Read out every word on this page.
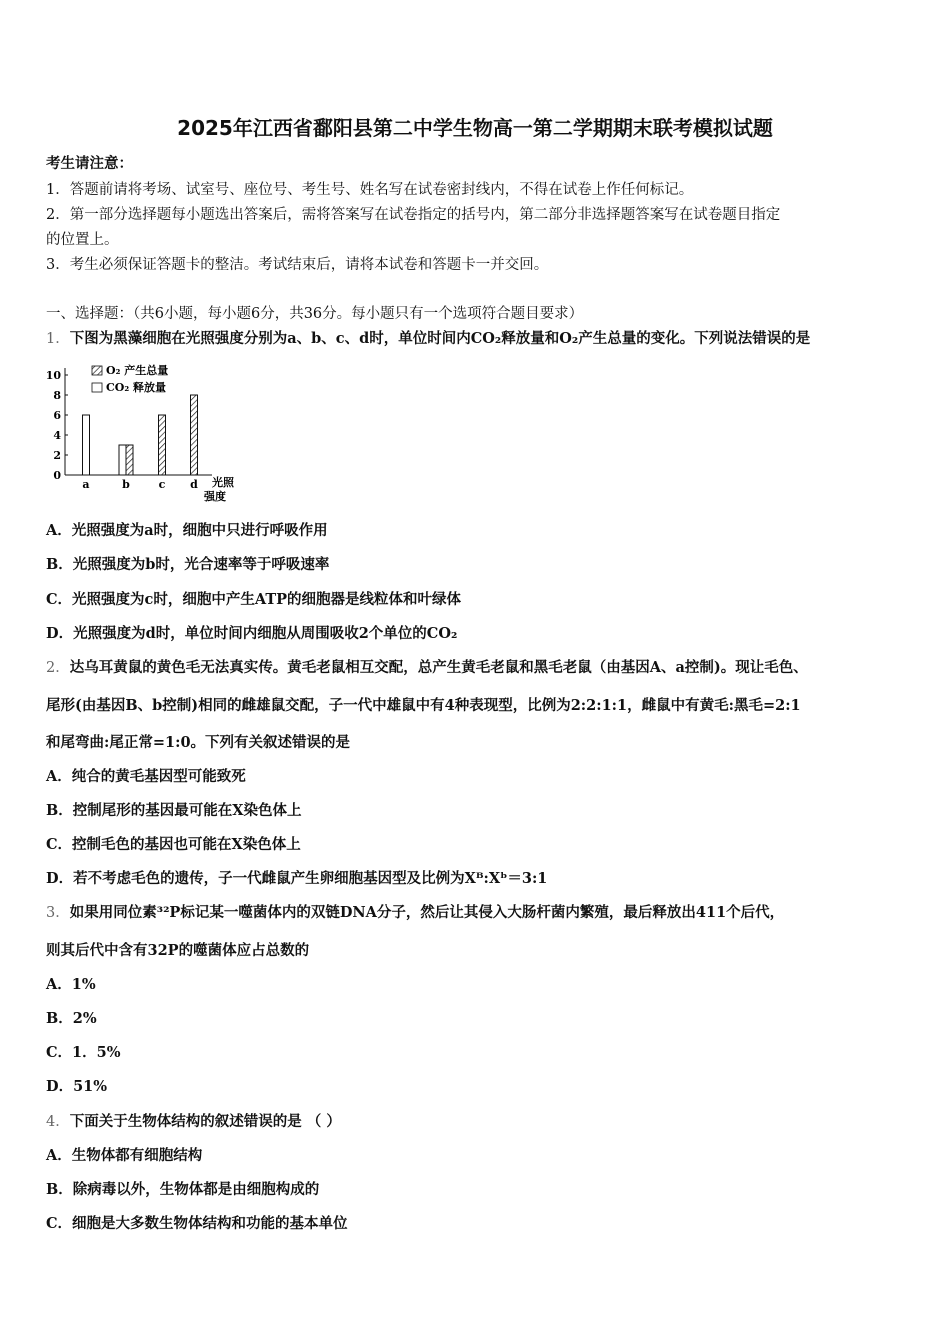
2025年江西省鄱阳县第二中学生物高一第二学期期末联考模拟试题
考生请注意：
1．答题前请将考场、试室号、座位号、考生号、姓名写在试卷密封线内，不得在试卷上作任何标记。
2．第一部分选择题每小题选出答案后，需将答案写在试卷指定的括号内，第二部分非选择题答案写在试卷题目指定
的位置上。
3．考生必须保证答题卡的整洁。考试结束后，请将本试卷和答题卡一并交回。
一、选择题：（共6小题，每小题6分，共36分。每小题只有一个选项符合题目要求）
1．下图为黑藻细胞在光照强度分别为a、b、c、d时，单位时间内CO₂释放量和O₂产生总量的变化。下列说法错误的是
0
2
4
6
8
10
a	b	c d
O₂ 产生总量
CO₂ 释放量
光照强度
A．光照强度为a时，细胞中只进行呼吸作用
B．光照强度为b时，光合速率等于呼吸速率
C．光照强度为c时，细胞中产生ATP的细胞器是线粒体和叶绿体
D．光照强度为d时，单位时间内细胞从周围吸收2个单位的CO₂
2．达乌耳黄鼠的黄色毛无法真实传。黄毛老鼠相互交配，总产生黄毛老鼠和黑毛老鼠（由基因A、a控制)。现让毛色、
尾形(由基因B、b控制)相同的雌雄鼠交配，子一代中雄鼠中有4种表现型，比例为2:2:1:1，雌鼠中有黄毛:黑毛=2:1
和尾弯曲:尾正常=1:0。下列有关叙述错误的是
A．纯合的黄毛基因型可能致死
B．控制尾形的基因最可能在X染色体上
C．控制毛色的基因也可能在X染色体上
D．若不考虑毛色的遗传，子一代雌鼠产生卵细胞基因型及比例为Xᴮ:Xᵇ＝3:1
3．如果用同位素³²P标记某一噬菌体内的双链DNA分子，然后让其侵入大肠杆菌内繁殖，最后释放出411个后代，
则其后代中含有32P的噬菌体应占总数的
A．1%
B．2%
C．1．5%
D．51%
4．下面关于生物体结构的叙述错误的是 （ ）
A．生物体都有细胞结构
B．除病毒以外，生物体都是由细胞构成的
C．细胞是大多数生物体结构和功能的基本单位
